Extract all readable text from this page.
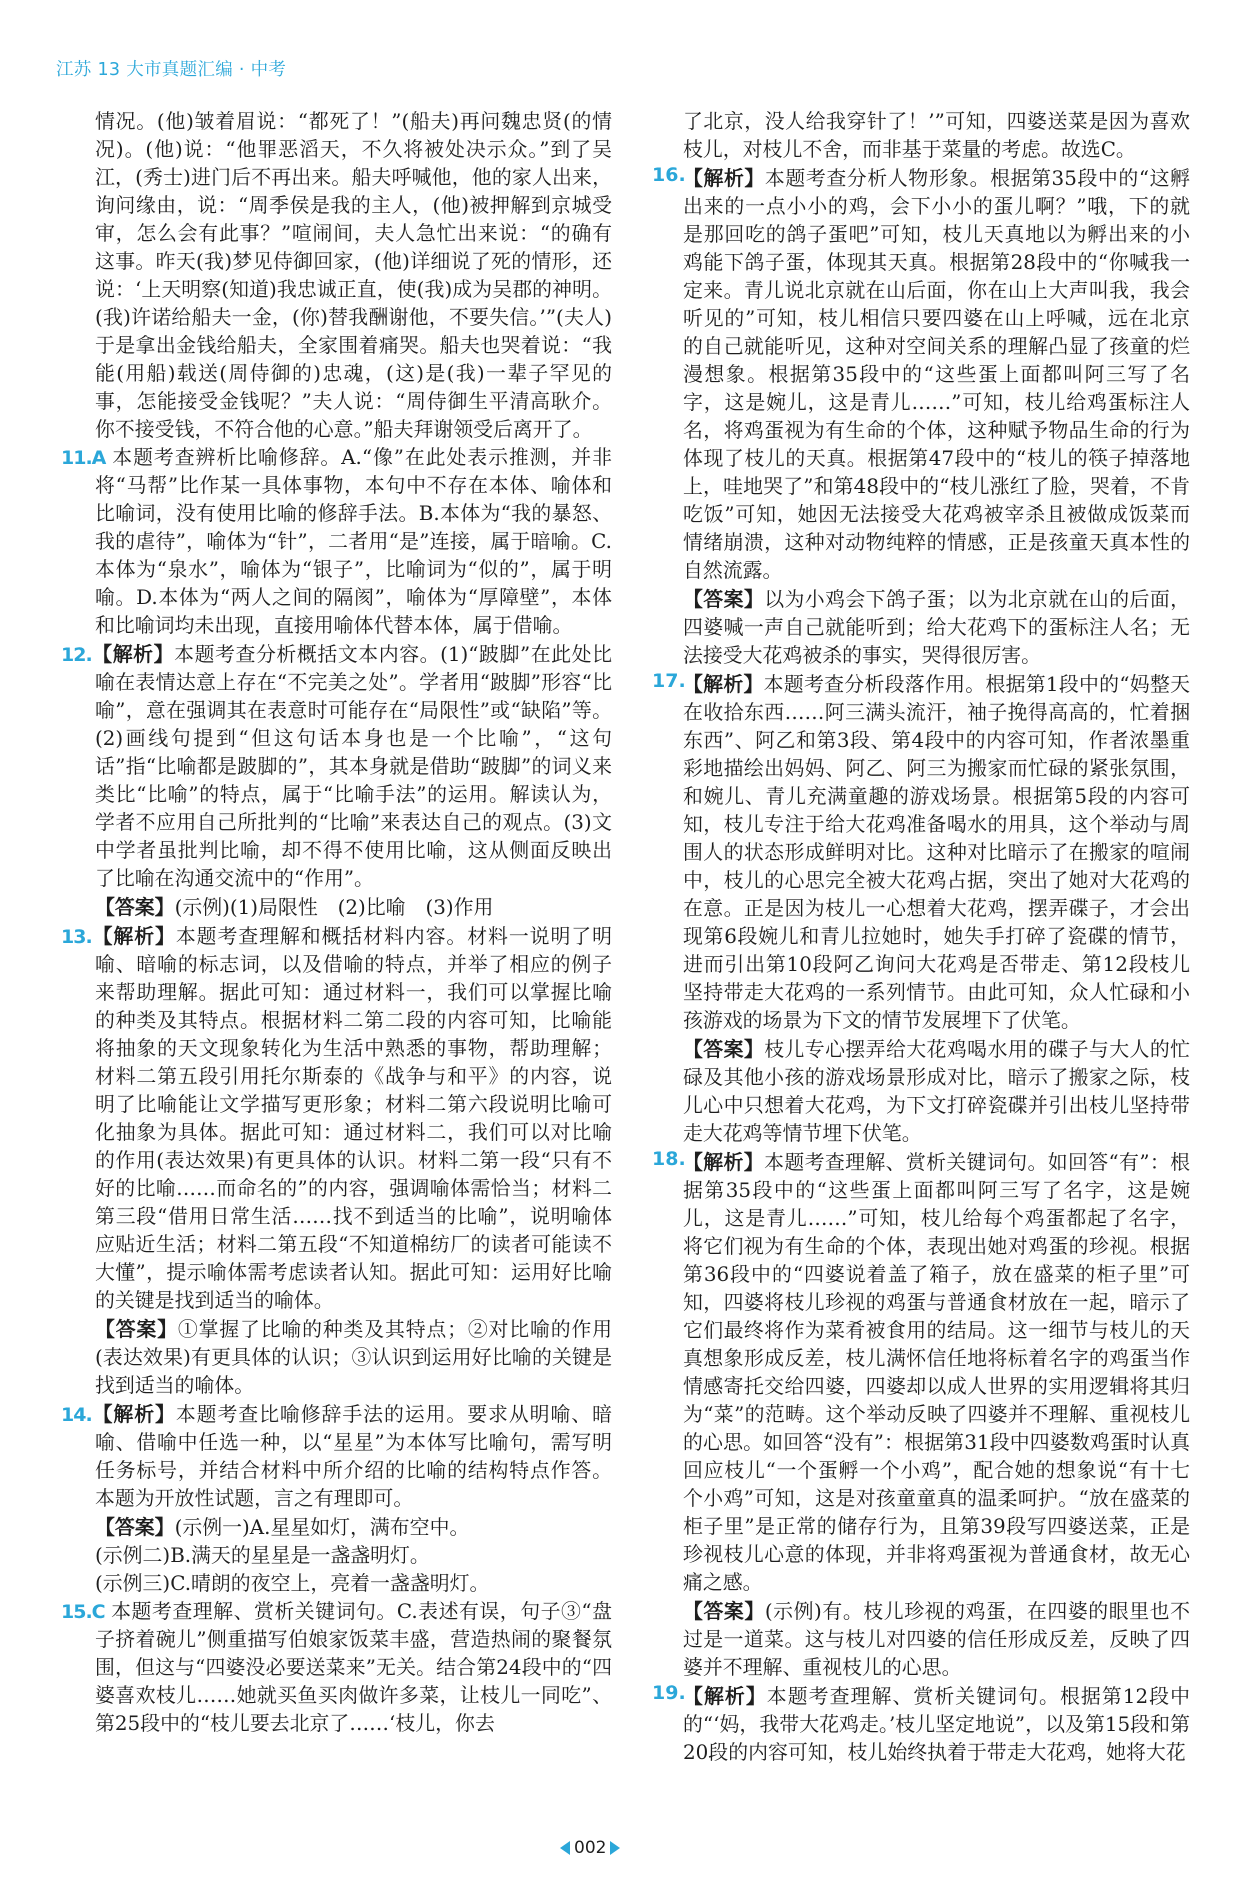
江苏 13 大市真题汇编 · 中考

情况。(他)皱着眉说：“都死了！”(船夫)再问魏忠贤(的情况)。(他)说：“他罪恶滔天，不久将被处决示众。”到了吴江，(秀士)进门后不再出来。船夫呼喊他，他的家人出来，询问缘由，说：“周季侯是我的主人，(他)被押解到京城受审，怎么会有此事？”喧闹间，夫人急忙出来说：“的确有这事。昨天(我)梦见侍御回家，(他)详细说了死的情形，还说：‘上天明察(知道)我忠诚正直，使(我)成为吴郡的神明。(我)许诺给船夫一金，(你)替我酬谢他，不要失信。’”(夫人)于是拿出金钱给船夫，全家围着痛哭。船夫也哭着说：“我能(用船)载送(周侍御的)忠魂，(这)是(我)一辈子罕见的事，怎能接受金钱呢？”夫人说：“周侍御生平清高耿介。你不接受钱，不符合他的心意。”船夫拜谢领受后离开了。

11.A 本题考查辨析比喻修辞。A.“像”在此处表示推测，并非将“马帮”比作某一具体事物，本句中不存在本体、喻体和比喻词，没有使用比喻的修辞手法。B.本体为“我的暴怒、我的虐待”，喻体为“针”，二者用“是”连接，属于暗喻。C.本体为“泉水”，喻体为“银子”，比喻词为“似的”，属于明喻。D.本体为“两人之间的隔阂”，喻体为“厚障壁”，本体和比喻词均未出现，直接用喻体代替本体，属于借喻。

12.【解析】本题考查分析概括文本内容。(1)“跛脚”在此处比喻在表情达意上存在“不完美之处”。学者用“跛脚”形容“比喻”，意在强调其在表意时可能存在“局限性”或“缺陷”等。(2)画线句提到“但这句话本身也是一个比喻”，“这句话”指“比喻都是跛脚的”，其本身就是借助“跛脚”的词义来类比“比喻”的特点，属于“比喻手法”的运用。解读认为，学者不应用自己所批判的“比喻”来表达自己的观点。(3)文中学者虽批判比喻，却不得不使用比喻，这从侧面反映出了比喻在沟通交流中的“作用”。

【答案】(示例)(1)局限性　(2)比喻　(3)作用

13.【解析】本题考查理解和概括材料内容。材料一说明了明喻、暗喻的标志词，以及借喻的特点，并举了相应的例子来帮助理解。据此可知：通过材料一，我们可以掌握比喻的种类及其特点。根据材料二第二段的内容可知，比喻能将抽象的天文现象转化为生活中熟悉的事物，帮助理解；材料二第五段引用托尔斯泰的《战争与和平》的内容，说明了比喻能让文学描写更形象；材料二第六段说明比喻可化抽象为具体。据此可知：通过材料二，我们可以对比喻的作用(表达效果)有更具体的认识。材料二第一段“只有不好的比喻……而命名的”的内容，强调喻体需恰当；材料二第三段“借用日常生活……找不到适当的比喻”，说明喻体应贴近生活；材料二第五段“不知道棉纺厂的读者可能读不大懂”，提示喻体需考虑读者认知。据此可知：运用好比喻的关键是找到适当的喻体。

【答案】①掌握了比喻的种类及其特点；②对比喻的作用(表达效果)有更具体的认识；③认识到运用好比喻的关键是找到适当的喻体。

14.【解析】本题考查比喻修辞手法的运用。要求从明喻、暗喻、借喻中任选一种，以“星星”为本体写比喻句，需写明任务标号，并结合材料中所介绍的比喻的结构特点作答。本题为开放性试题，言之有理即可。

【答案】(示例一)A.星星如灯，满布空中。

(示例二)B.满天的星星是一盏盏明灯。

(示例三)C.晴朗的夜空上，亮着一盏盏明灯。

15.C 本题考查理解、赏析关键词句。C.表述有误，句子③“盘子挤着碗儿”侧重描写伯娘家饭菜丰盛，营造热闹的聚餐氛围，但这与“四婆没必要送菜来”无关。结合第24段中的“四婆喜欢枝儿……她就买鱼买肉做许多菜，让枝儿一同吃”、第25段中的“枝儿要去北京了……‘枝儿，你去

了北京，没人给我穿针了！’”可知，四婆送菜是因为喜欢枝儿，对枝儿不舍，而非基于菜量的考虑。故选C。

16.

【解析】本题考查分析人物形象。根据第35段中的“这孵出来的一点小小的鸡，会下小小的蛋儿啊？”哦，下的就是那回吃的鸽子蛋吧”可知，枝儿天真地以为孵出来的小鸡能下鸽子蛋，体现其天真。根据第28段中的“你喊我一定来。青儿说北京就在山后面，你在山上大声叫我，我会听见的”可知，枝儿相信只要四婆在山上呼喊，远在北京的自己就能听见，这种对空间关系的理解凸显了孩童的烂漫想象。根据第35段中的“这些蛋上面都叫阿三写了名字，这是婉儿，这是青儿……”可知，枝儿给鸡蛋标注人名，将鸡蛋视为有生命的个体，这种赋予物品生命的行为体现了枝儿的天真。根据第47段中的“枝儿的筷子掉落地上，哇地哭了”和第48段中的“枝儿涨红了脸，哭着，不肯吃饭”可知，她因无法接受大花鸡被宰杀且被做成饭菜而情绪崩溃，这种对动物纯粹的情感，正是孩童天真本性的自然流露。

【答案】以为小鸡会下鸽子蛋；以为北京就在山的后面，四婆喊一声自己就能听到；给大花鸡下的蛋标注人名；无法接受大花鸡被杀的事实，哭得很厉害。

17.

【解析】本题考查分析段落作用。根据第1段中的“妈整天在收拾东西……阿三满头流汗，袖子挽得高高的，忙着捆东西”、阿乙和第3段、第4段中的内容可知，作者浓墨重彩地描绘出妈妈、阿乙、阿三为搬家而忙碌的紧张氛围，和婉儿、青儿充满童趣的游戏场景。根据第5段的内容可知，枝儿专注于给大花鸡准备喝水的用具，这个举动与周围人的状态形成鲜明对比。这种对比暗示了在搬家的喧闹中，枝儿的心思完全被大花鸡占据，突出了她对大花鸡的在意。正是因为枝儿一心想着大花鸡，摆弄碟子，才会出现第6段婉儿和青儿拉她时，她失手打碎了瓷碟的情节，进而引出第10段阿乙询问大花鸡是否带走、第12段枝儿坚持带走大花鸡的一系列情节。由此可知，众人忙碌和小孩游戏的场景为下文的情节发展埋下了伏笔。

【答案】枝儿专心摆弄给大花鸡喝水用的碟子与大人的忙碌及其他小孩的游戏场景形成对比，暗示了搬家之际，枝儿心中只想着大花鸡，为下文打碎瓷碟并引出枝儿坚持带走大花鸡等情节埋下伏笔。

18.

【解析】本题考查理解、赏析关键词句。如回答“有”：根据第35段中的“这些蛋上面都叫阿三写了名字，这是婉儿，这是青儿……”可知，枝儿给每个鸡蛋都起了名字，将它们视为有生命的个体，表现出她对鸡蛋的珍视。根据第36段中的“四婆说着盖了箱子，放在盛菜的柜子里”可知，四婆将枝儿珍视的鸡蛋与普通食材放在一起，暗示了它们最终将作为菜肴被食用的结局。这一细节与枝儿的天真想象形成反差，枝儿满怀信任地将标着名字的鸡蛋当作情感寄托交给四婆，四婆却以成人世界的实用逻辑将其归为“菜”的范畴。这个举动反映了四婆并不理解、重视枝儿的心思。如回答“没有”：根据第31段中四婆数鸡蛋时认真回应枝儿“一个蛋孵一个小鸡”，配合她的想象说“有十七个小鸡”可知，这是对孩童童真的温柔呵护。“放在盛菜的柜子里”是正常的储存行为，且第39段写四婆送菜，正是珍视枝儿心意的体现，并非将鸡蛋视为普通食材，故无心痛之感。

【答案】(示例)有。枝儿珍视的鸡蛋，在四婆的眼里也不过是一道菜。这与枝儿对四婆的信任形成反差，反映了四婆并不理解、重视枝儿的心思。

19.

【解析】本题考查理解、赏析关键词句。根据第12段中的“‘妈，我带大花鸡走。’枝儿坚定地说”，以及第15段和第20段的内容可知，枝儿始终执着于带走大花鸡，她将大花

002
